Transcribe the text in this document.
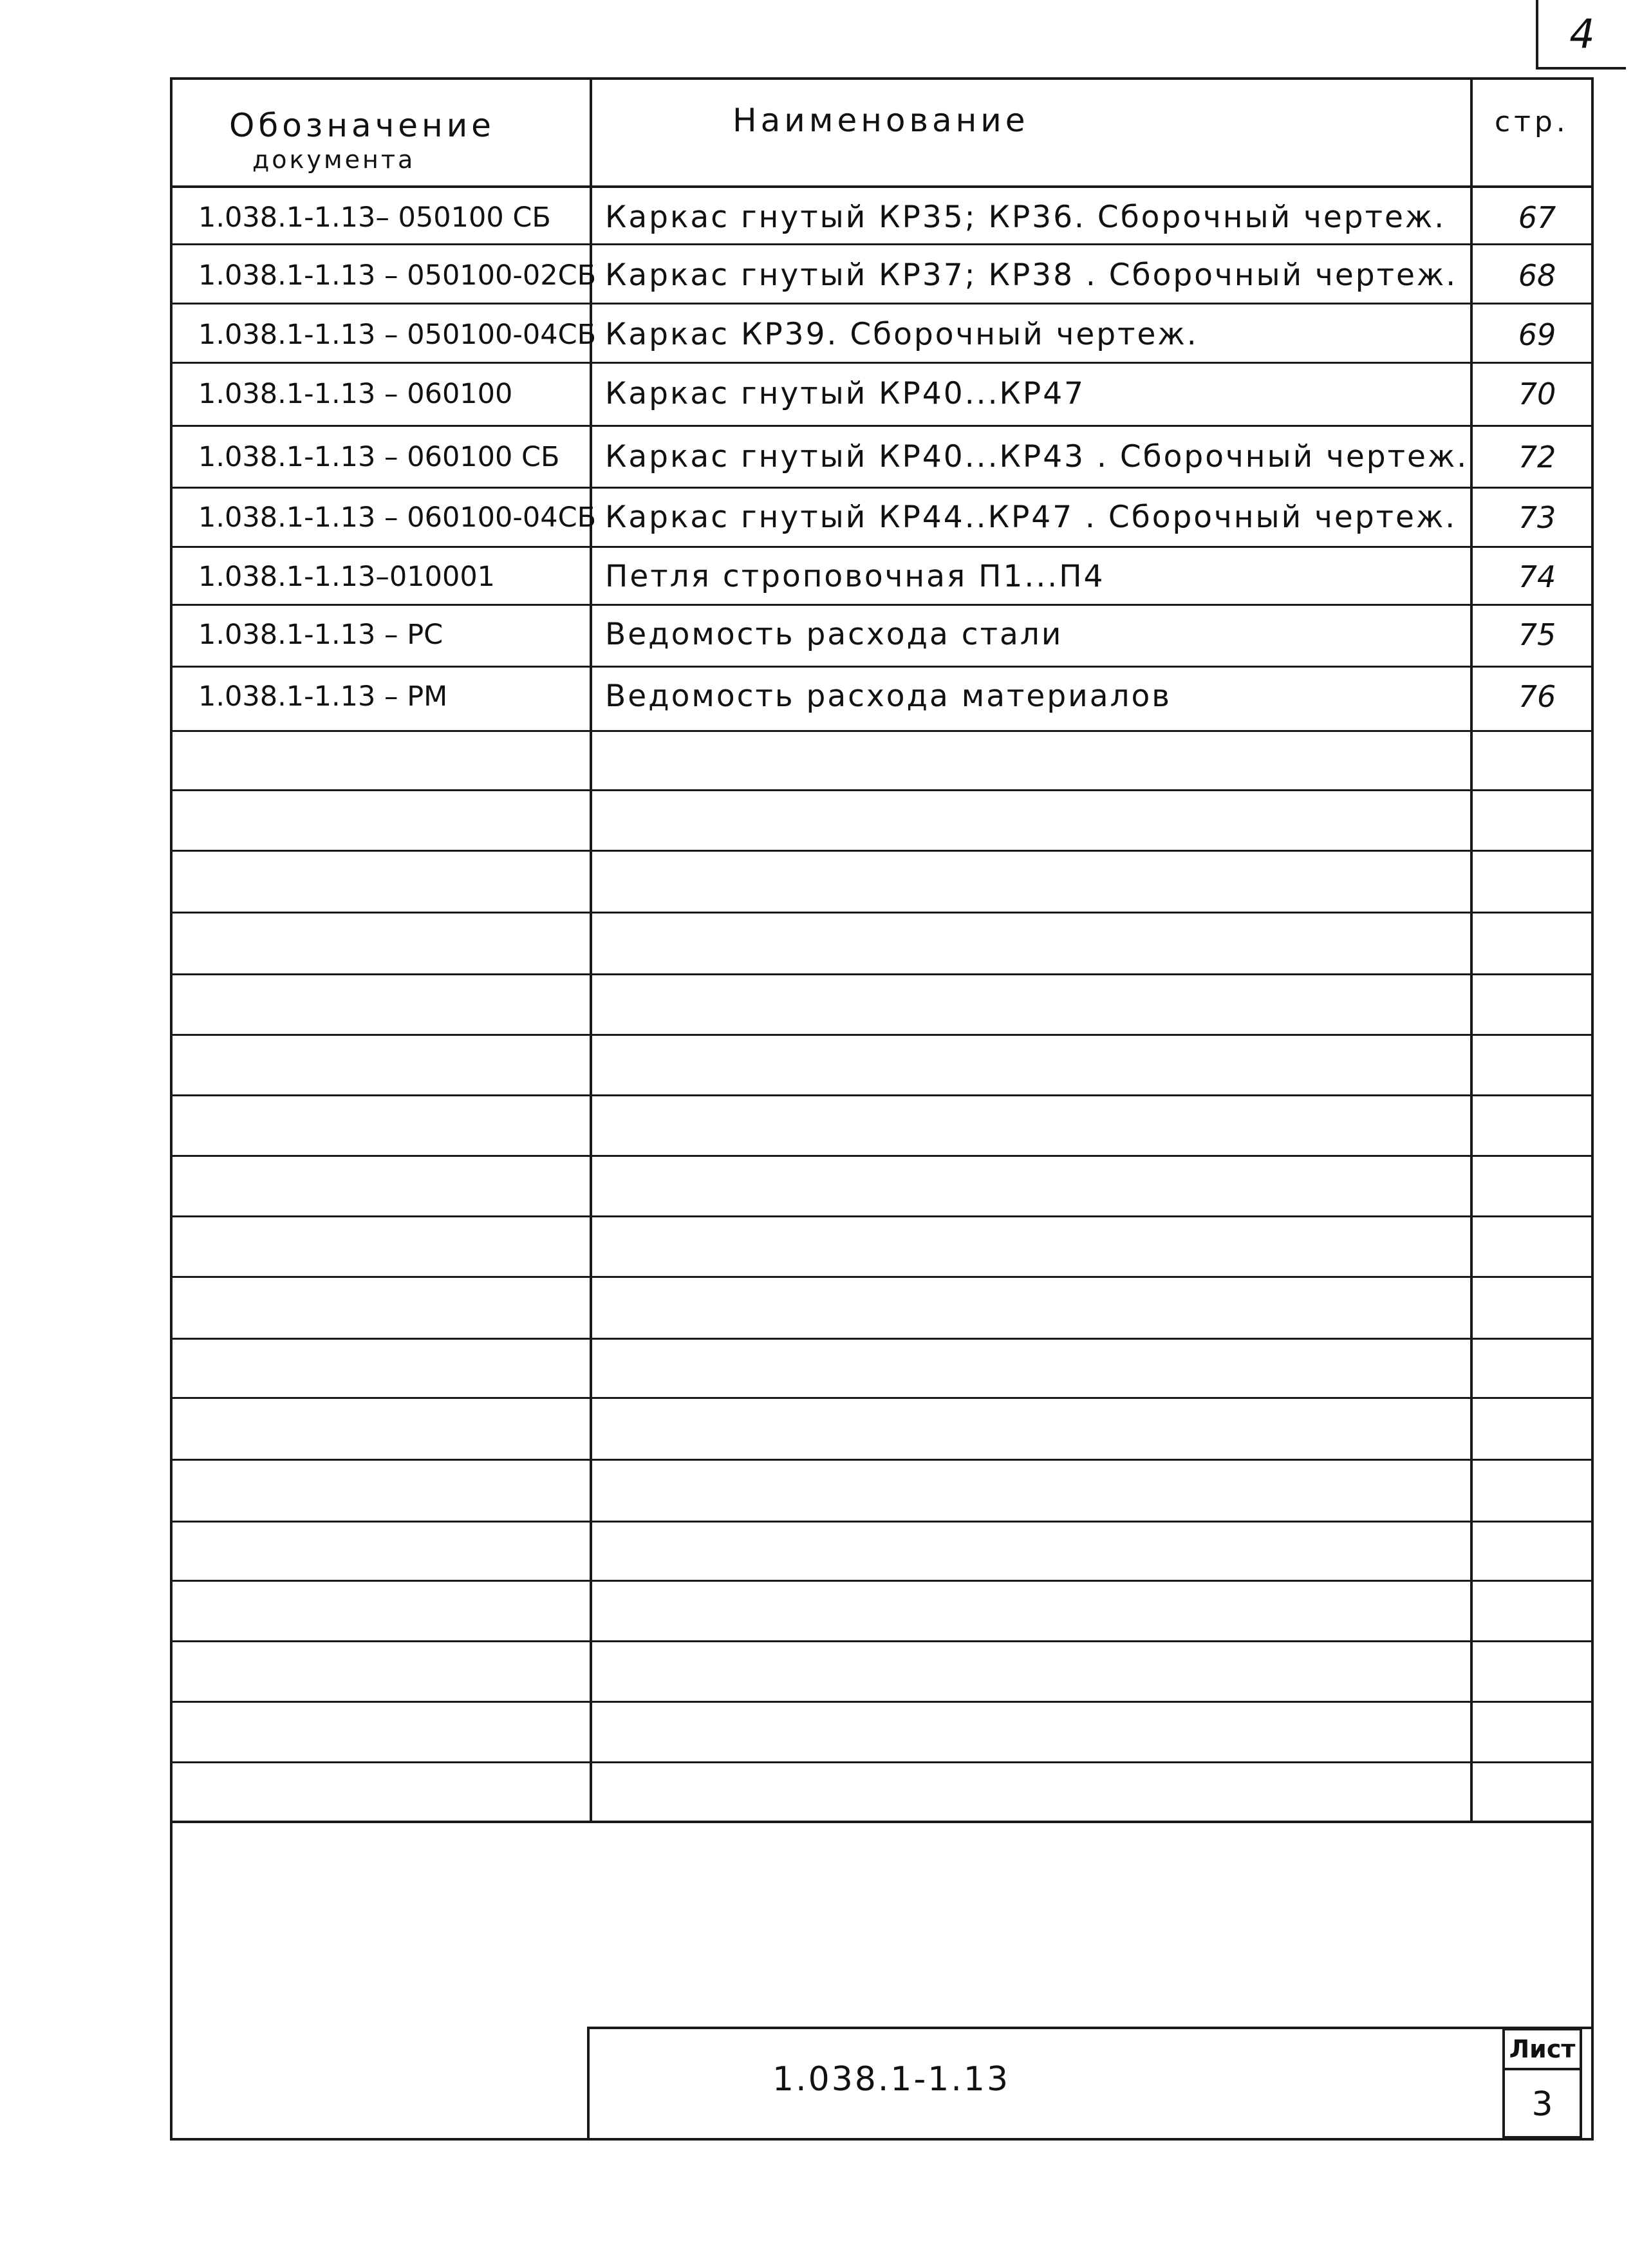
4
Обозначение
документа
Наименование	стр.
1.038.1-1.13– 050100 СБ	Каркас гнутый КР35; КР36. Сборочный чертеж.	67
1.038.1-1.13 – 050100-02СБ Каркас гнутый КР37; КР38 . Сборочный чертеж.	68
1.038.1-1.13 – 050100-04СБ Каркас КР39. Сборочный чертеж.	69
1.038.1-1.13 – 060100	Каркас гнутый КР40...КР47	70
1.038.1-1.13 – 060100 СБ	Каркас гнутый КР40...КР43 . Сборочный чертеж.	72
1.038.1-1.13 – 060100-04СБ Каркас гнутый КР44..КР47 . Сборочный чертеж.	73
1.038.1-1.13–010001	Петля строповочная П1...П4	74
1.038.1-1.13 – РС	Ведомость расхода стали	75
1.038.1-1.13 – РМ	Ведомость расхода материалов	76
1.038.1-1.13
Лист
3
